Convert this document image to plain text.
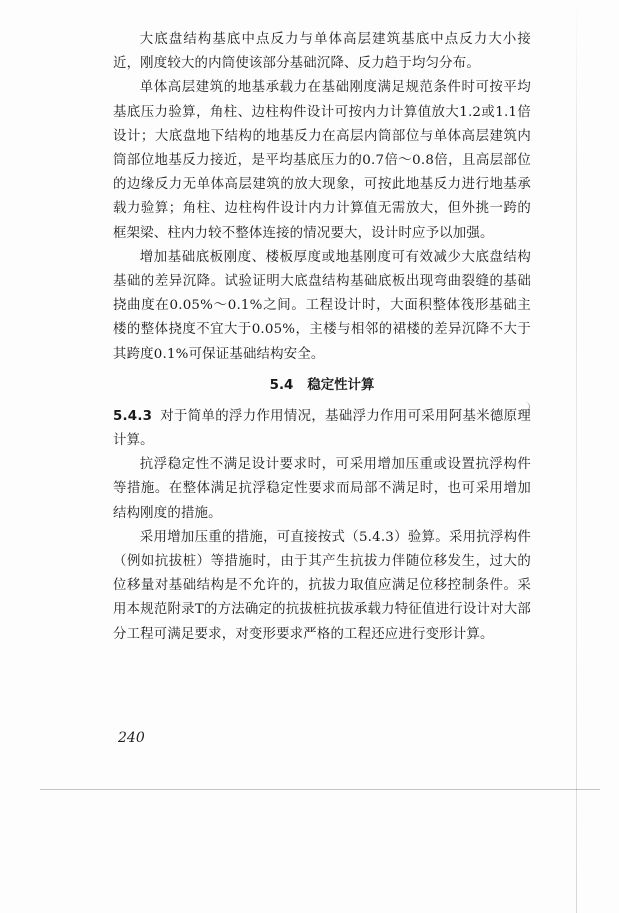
大底盘结构基底中点反力与单体高层建筑基底中点反力大小接近，刚度较大的内筒使该部分基础沉降、反力趋于均匀分布。

单体高层建筑的地基承载力在基础刚度满足规范条件时可按平均基底压力验算，角柱、边柱构件设计可按内力计算值放大1.2或1.1倍设计；大底盘地下结构的地基反力在高层内筒部位与单体高层建筑内筒部位地基反力接近，是平均基底压力的0.7倍～0.8倍，且高层部位的边缘反力无单体高层建筑的放大现象，可按此地基反力进行地基承载力验算；角柱、边柱构件设计内力计算值无需放大，但外挑一跨的框架梁、柱内力较不整体连接的情况要大，设计时应予以加强。

增加基础底板刚度、楼板厚度或地基刚度可有效减少大底盘结构基础的差异沉降。试验证明大底盘结构基础底板出现弯曲裂缝的基础挠曲度在0.05%～0.1%之间。工程设计时，大面积整体筏形基础主楼的整体挠度不宜大于0.05%，主楼与相邻的裙楼的差异沉降不大于其跨度0.1%可保证基础结构安全。

5.4 稳定性计算

5.4.3 对于简单的浮力作用情况，基础浮力作用可采用阿基米德原理计算。

抗浮稳定性不满足设计要求时，可采用增加压重或设置抗浮构件等措施。在整体满足抗浮稳定性要求而局部不满足时，也可采用增加结构刚度的措施。

采用增加压重的措施，可直接按式（5.4.3）验算。采用抗浮构件（例如抗拔桩）等措施时，由于其产生抗拔力伴随位移发生，过大的位移量对基础结构是不允许的，抗拔力取值应满足位移控制条件。采用本规范附录T的方法确定的抗拔桩抗拔承载力特征值进行设计对大部分工程可满足要求，对变形要求严格的工程还应进行变形计算。

240
